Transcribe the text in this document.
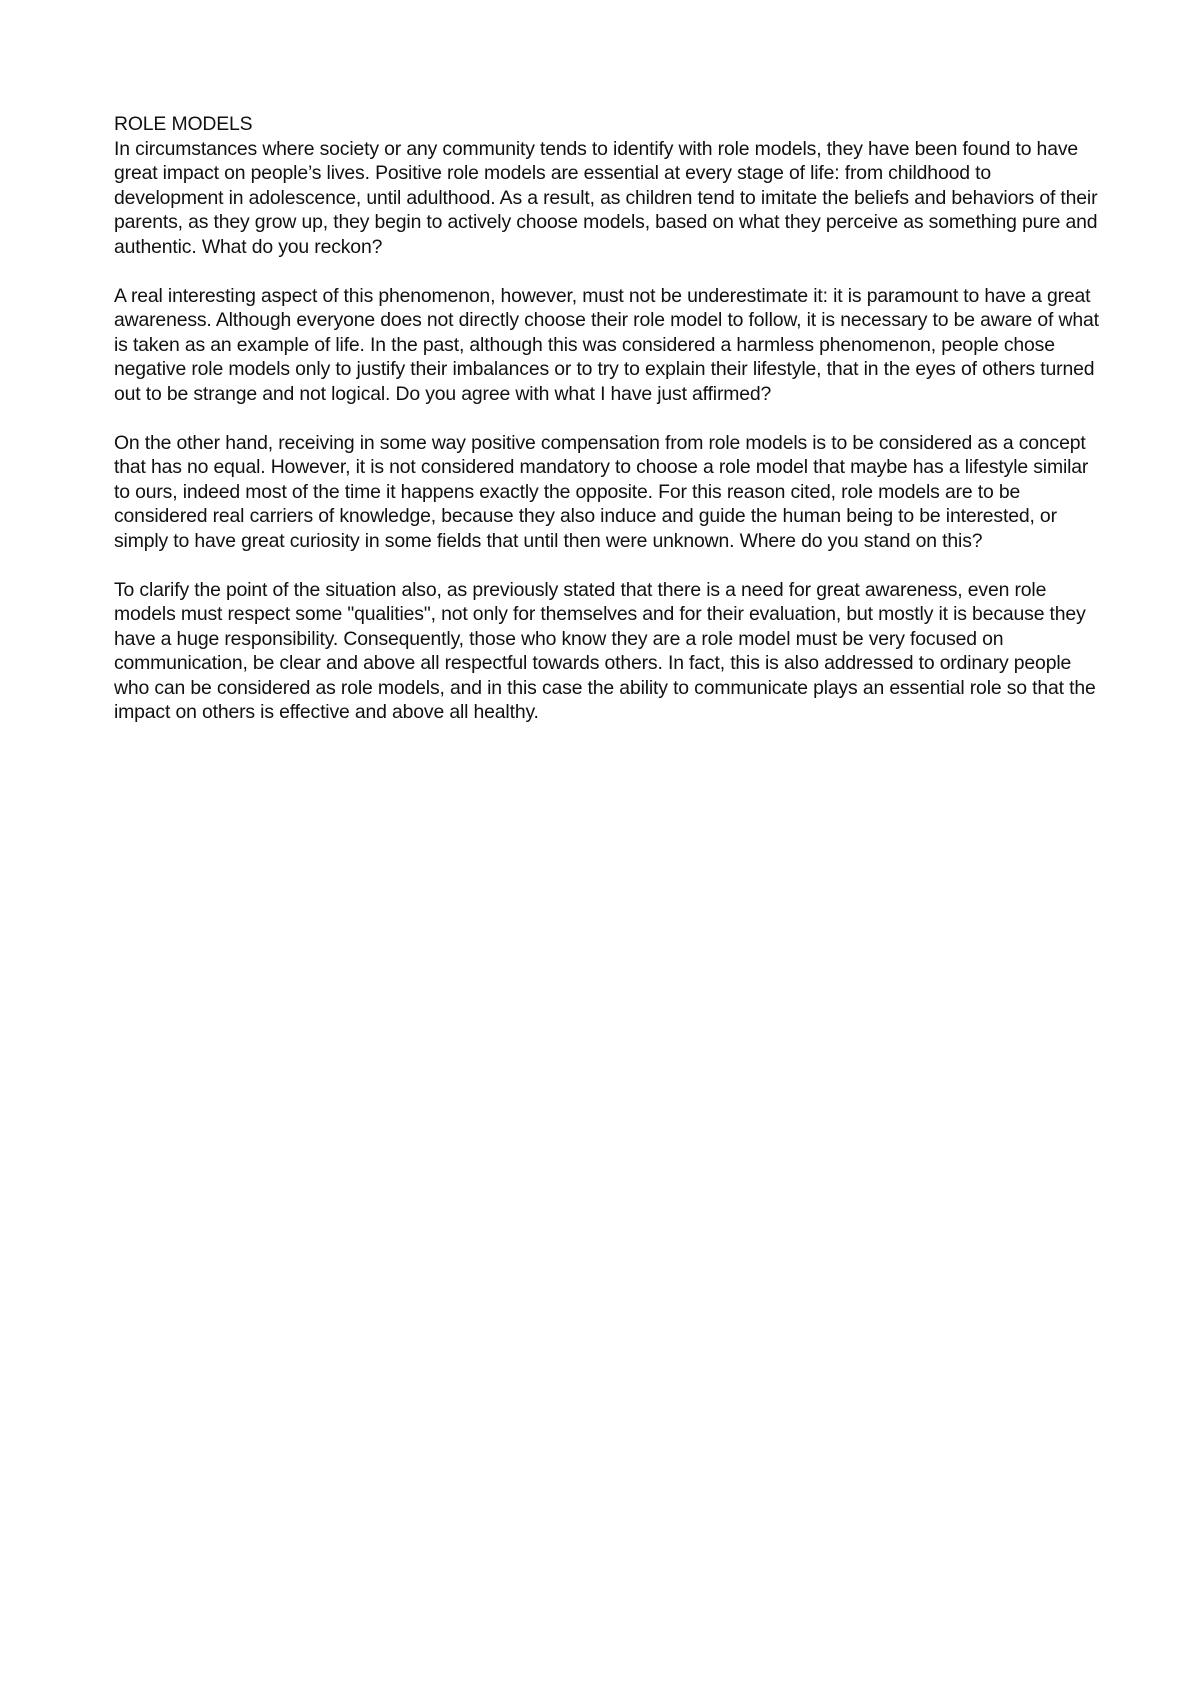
ROLE MODELS

In circumstances where society or any community tends to identify with role models, they have been found to have great impact on people’s lives. Positive role models are essential at every stage of life: from childhood to development in adolescence, until adulthood. As a result, as children tend to imitate the beliefs and behaviors of their parents, as they grow up, they begin to actively choose models, based on what they perceive as something pure and authentic. What do you reckon?

A real interesting aspect of this phenomenon, however, must not be underestimate it: it is paramount to have a great awareness. Although everyone does not directly choose their role model to follow, it is necessary to be aware of what is taken as an example of life. In the past, although this was considered a harmless phenomenon, people chose negative role models only to justify their imbalances or to try to explain their lifestyle, that in the eyes of others turned out to be strange and not logical. Do you agree with what I have just affirmed?

On the other hand, receiving in some way positive compensation from role models is to be considered as a concept that has no equal. However, it is not considered mandatory to choose a role model that maybe has a lifestyle similar to ours, indeed most of the time it happens exactly the opposite. For this reason cited, role models are to be considered real carriers of knowledge, because they also induce and guide the human being to be interested, or simply to have great curiosity in some fields that until then were unknown. Where do you stand on this?

To clarify the point of the situation also, as previously stated that there is a need for great awareness, even role models must respect some "qualities", not only for themselves and for their evaluation, but mostly it is because they have a huge responsibility. Consequently, those who know they are a role model must be very focused on communication, be clear and above all respectful towards others. In fact, this is also addressed to ordinary people who can be considered as role models, and in this case the ability to communicate plays an essential role so that the impact on others is effective and above all healthy.
